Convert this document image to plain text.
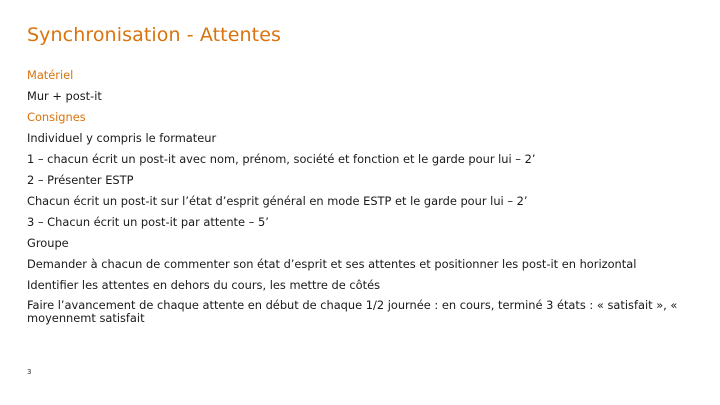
Synchronisation - Attentes
Matériel
Mur + post-it
Consignes
Individuel y compris le formateur
1 – chacun écrit un post-it avec nom, prénom, société et fonction et le garde pour lui – 2’
2 – Présenter ESTP
Chacun écrit un post-it sur l’état d’esprit général en mode ESTP et le garde pour lui – 2’
3 – Chacun écrit un post-it par attente – 5’
Groupe
Demander à chacun de commenter son état d’esprit et ses attentes et positionner les post-it en horizontal
Identifier les attentes en dehors du cours, les mettre de côtés
Faire l’avancement de chaque attente en début de chaque 1/2 journée : en cours, terminé 3 états : « satisfait », « moyennemt satisfait
3
